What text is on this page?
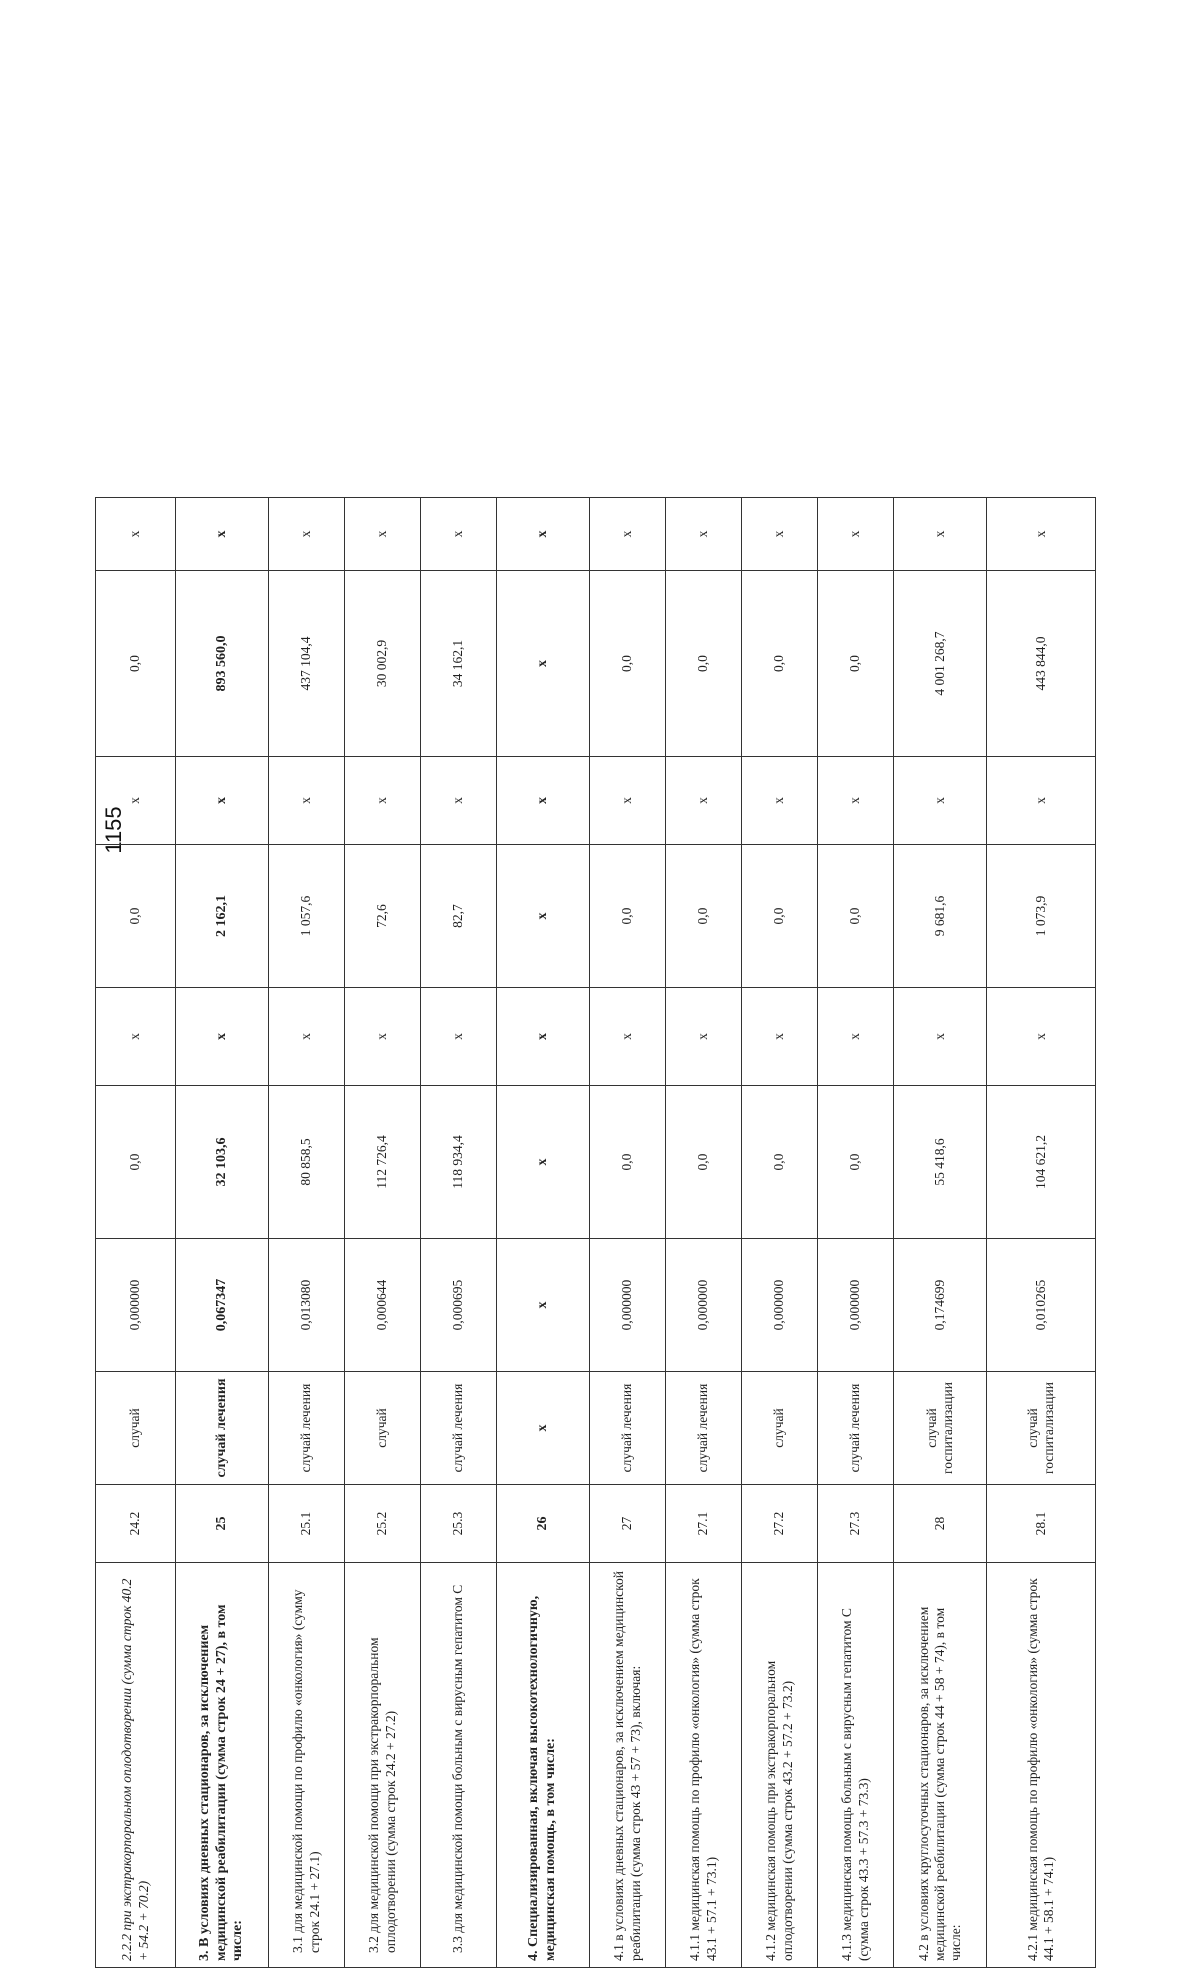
1155
2.2.2 при экстракорпоральном оплодотворении (сумма строк 40.2 + 54.2 + 70.2)	24.2	случай	0,000000	0,0	х	0,0	х	0,0	х
3. В условиях дневных стационаров, за исключением медицинской реабилитации (сумма строк 24 + 27), в том числе:	25	случай лечения	0,067347	32 103,6	х	2 162,1	х	893 560,0	х
3.1 для медицинской помощи по профилю «онкология» (сумму строк 24.1 + 27.1)	25.1	случай лечения	0,013080	80 858,5	х	1 057,6	х	437 104,4	х
3.2 для медицинской помощи при экстракорпоральном оплодотворении (сумма строк 24.2 + 27.2)	25.2	случай	0,000644	112 726,4	х	72,6	х	30 002,9	х
3.3 для медицинской помощи больным с вирусным гепатитом С	25.3	случай лечения	0,000695	118 934,4	х	82,7	х	34 162,1	х
4. Специализированная, включая высокотехнологичную, медицинская помощь, в том числе:	26	х	х	х	х	х	х	х	х
4.1 в условиях дневных стационаров, за исключением медицинской реабилитации (сумма строк 43 + 57 + 73), включая:	27	случай лечения	0,000000	0,0	х	0,0	х	0,0	х
4.1.1 медицинская помощь по профилю «онкология» (сумма строк 43.1 + 57.1 + 73.1)	27.1	случай лечения	0,000000	0,0	х	0,0	х	0,0	х
4.1.2 медицинская помощь при экстракорпоральном оплодотворении (сумма строк 43.2 + 57.2 + 73.2)	27.2	случай	0,000000	0,0	х	0,0	х	0,0	х
4.1.3 медицинская помощь больным с вирусным гепатитом С (сумма строк 43.3 + 57.3 + 73.3)	27.3	случай лечения	0,000000	0,0	х	0,0	х	0,0	х
4.2 в условиях круглосуточных стационаров, за исключением медицинской реабилитации (сумма строк 44 + 58 + 74), в том числе:	28	случай госпитализации	0,174699	55 418,6	х	9 681,6	х	4 001 268,7	х
4.2.1 медицинская помощь по профилю «онкология» (сумма строк 44.1 + 58.1 + 74.1)	28.1	случай госпитализации	0,010265	104 621,2	х	1 073,9	х	443 844,0	х
